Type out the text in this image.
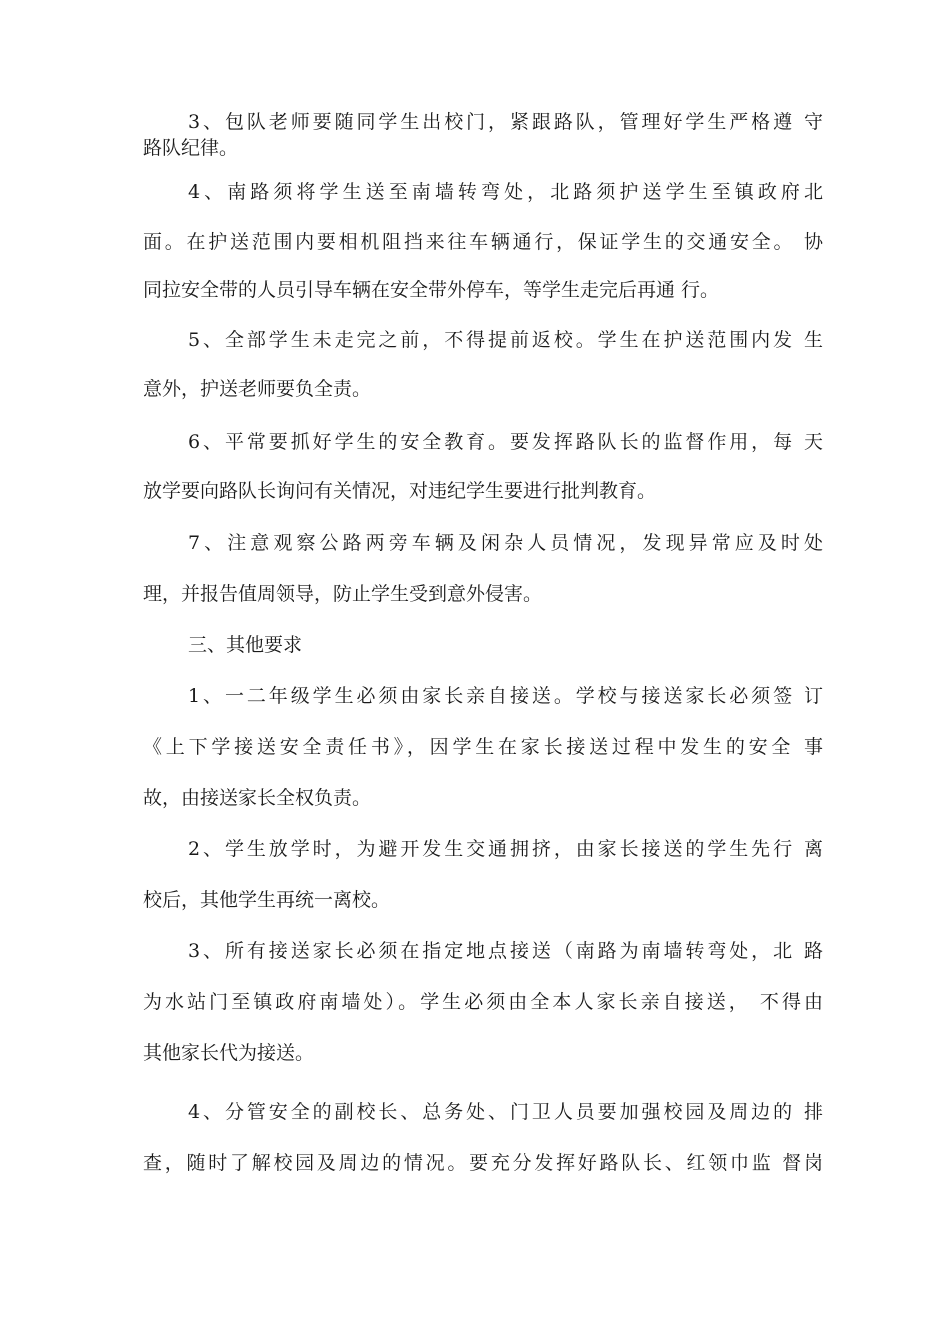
3、包队老师要随同学生出校门，紧跟路队，管理好学生严格遵 守
路队纪律。
4、南路须将学生送至南墙转弯处，北路须护送学生至镇政府北
面。在护送范围内要相机阻挡来往车辆通行，保证学生的交通安全。 协
同拉安全带的人员引导车辆在安全带外停车，等学生走完后再通 行。
5、全部学生未走完之前，不得提前返校。学生在护送范围内发 生
意外，护送老师要负全责。
6、平常要抓好学生的安全教育。要发挥路队长的监督作用，每 天
放学要向路队长询问有关情况，对违纪学生要进行批判教育。
7、注意观察公路两旁车辆及闲杂人员情况，发现异常应及时处
理，并报告值周领导，防止学生受到意外侵害。
三、其他要求
1、一二年级学生必须由家长亲自接送。学校与接送家长必须签 订
《上下学接送安全责任书》，因学生在家长接送过程中发生的安全 事
故，由接送家长全权负责。
2、学生放学时，为避开发生交通拥挤，由家长接送的学生先行 离
校后，其他学生再统一离校。
3、所有接送家长必须在指定地点接送（南路为南墙转弯处，北 路
为水站门至镇政府南墙处）。学生必须由全本人家长亲自接送， 不得由
其他家长代为接送。
4、分管安全的副校长、总务处、门卫人员要加强校园及周边的 排
查，随时了解校园及周边的情况。要充分发挥好路队长、红领巾监 督岗
